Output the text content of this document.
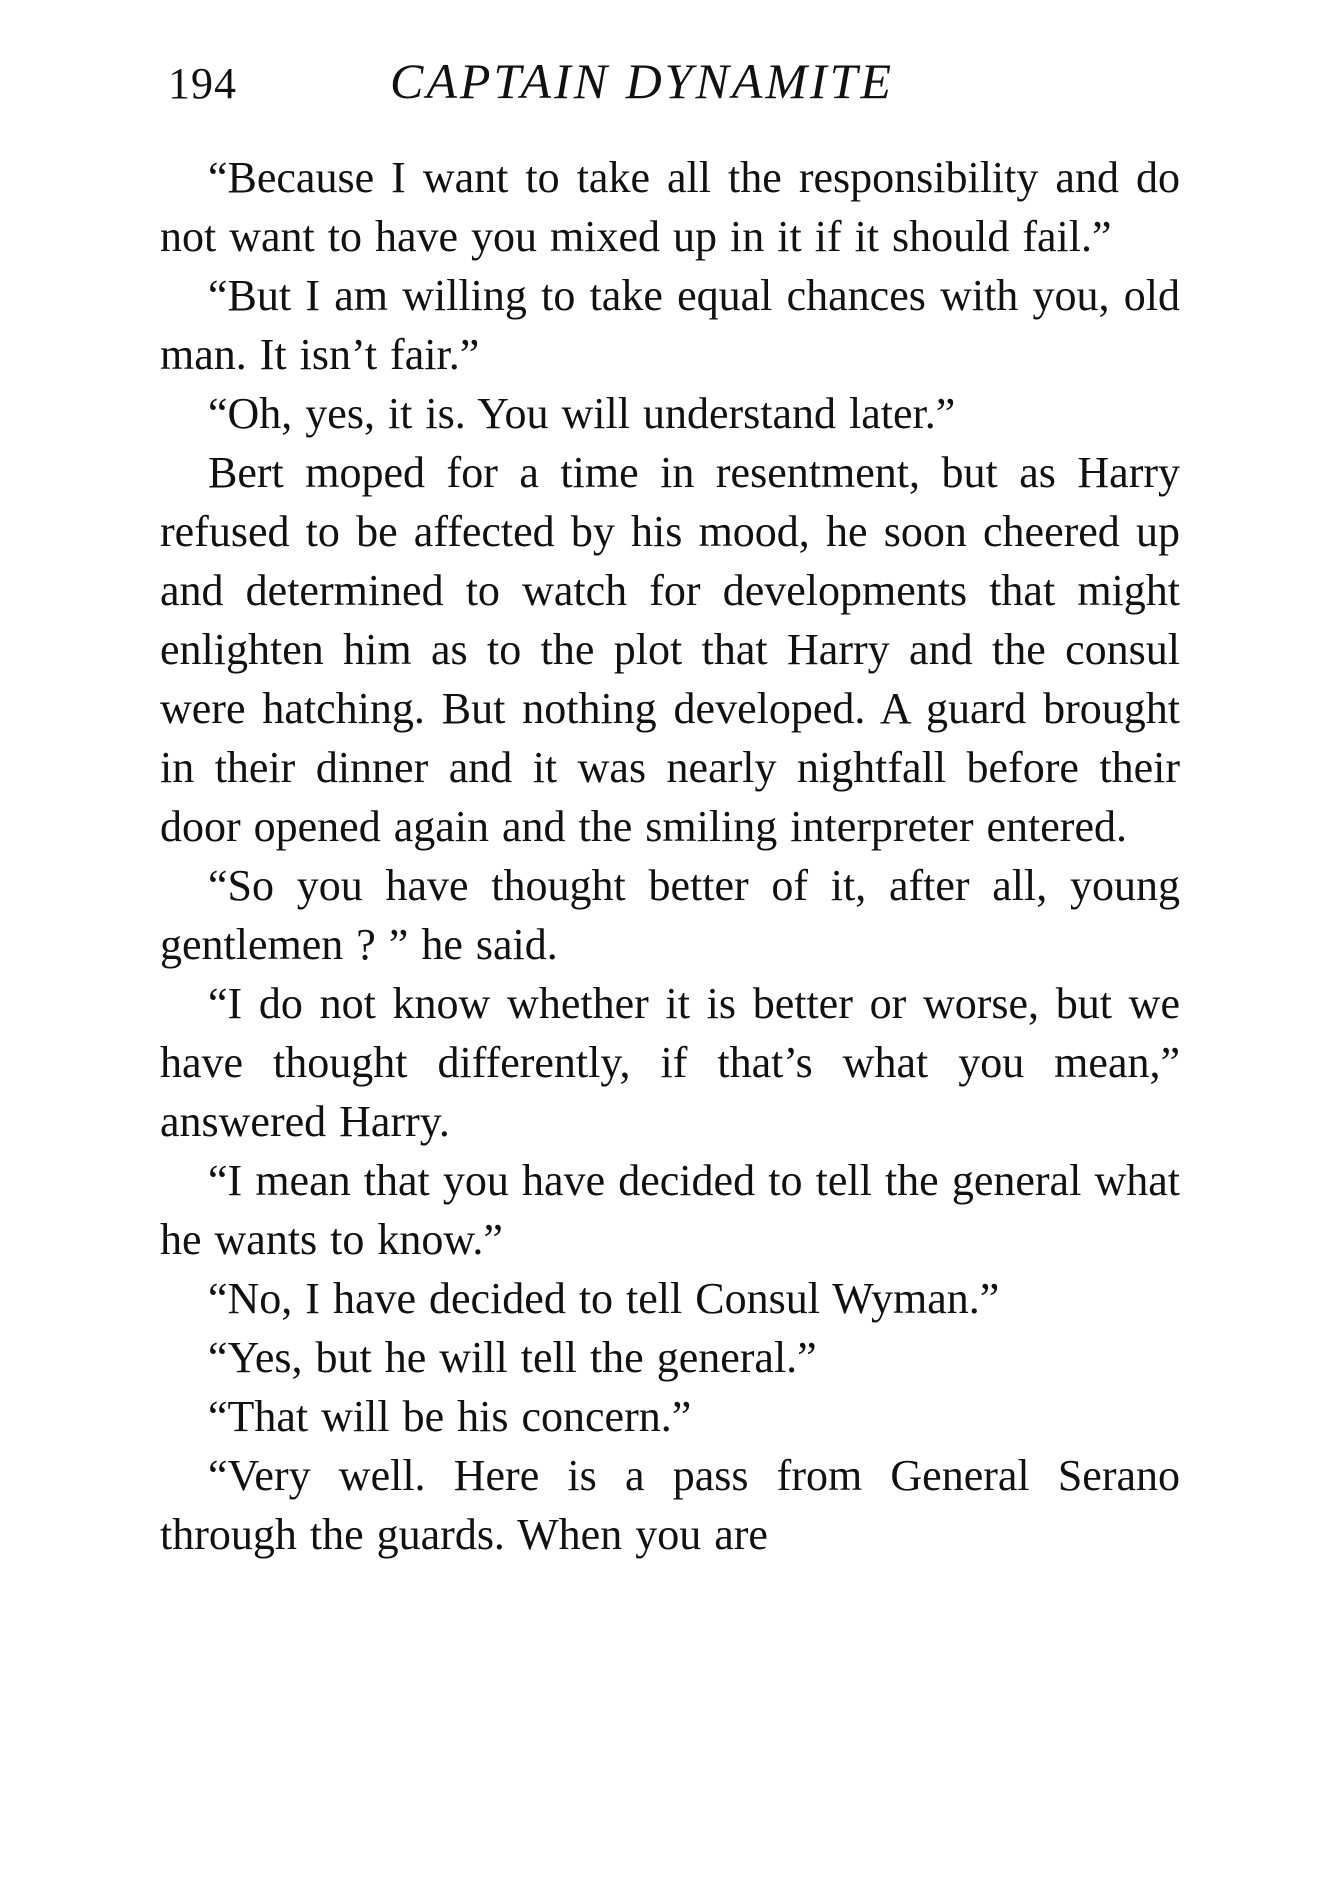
194	CAPTAIN DYNAMITE

“Because I want to take all the responsibility and do not want to have you mixed up in it if it should fail.”

“But I am willing to take equal chances with you, old man. It isn’t fair.”

“Oh, yes, it is. You will understand later.”

Bert moped for a time in resentment, but as Harry refused to be affected by his mood, he soon cheered up and determined to watch for developments that might enlighten him as to the plot that Harry and the consul were hatching. But nothing developed. A guard brought in their dinner and it was nearly nightfall before their door opened again and the smiling interpreter entered.

“So you have thought better of it, after all, young gentlemen ? ” he said.

“I do not know whether it is better or worse, but we have thought differently, if that’s what you mean,” answered Harry.

“I mean that you have decided to tell the general what he wants to know.”

“No, I have decided to tell Consul Wyman.”

“Yes, but he will tell the general.”

“That will be his concern.”

“Very well. Here is a pass from General Serano through the guards. When you are
